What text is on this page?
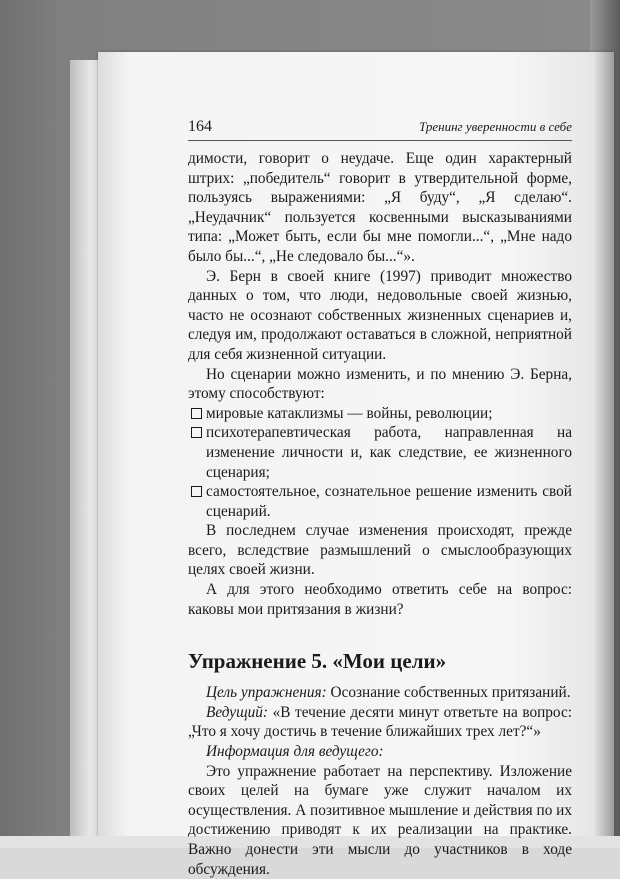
164	Тренинг уверенности в себе

димости, говорит о неудаче. Еще один характерный штрих: „победитель“ говорит в утвердительной форме, пользуясь выражениями: „Я буду“, „Я сделаю“. „Неудачник“ пользуется косвенными высказываниями типа: „Может быть, если бы мне помогли...“, „Мне надо было бы...“, „Не следовало бы...“».

Э. Берн в своей книге (1997) приводит множество данных о том, что люди, недовольные своей жизнью, часто не осознают собственных жизненных сценариев и, следуя им, продолжают оставаться в сложной, неприятной для себя жизненной ситуации.

Но сценарии можно изменить, и по мнению Э. Берна, этому способствуют:

мировые катаклизмы — войны, революции;
психотерапевтическая работа, направленная на изменение личности и, как следствие, ее жизненного сценария;
самостоятельное, сознательное решение изменить свой сценарий.

В последнем случае изменения происходят, прежде всего, вследствие размышлений о смыслообразующих целях своей жизни.

А для этого необходимо ответить себе на вопрос: каковы мои притязания в жизни?

Упражнение 5. «Мои цели»

Цель упражнения: Осознание собственных притязаний.

Ведущий: «В течение десяти минут ответьте на вопрос: „Что я хочу достичь в течение ближайших трех лет?“»

Информация для ведущего:

Это упражнение работает на перспективу. Изложение своих целей на бумаге уже служит началом их осуществления. А позитивное мышление и действия по их достижению приводят к их реализации на практике. Важно донести эти мысли до участников в ходе обсуждения.
